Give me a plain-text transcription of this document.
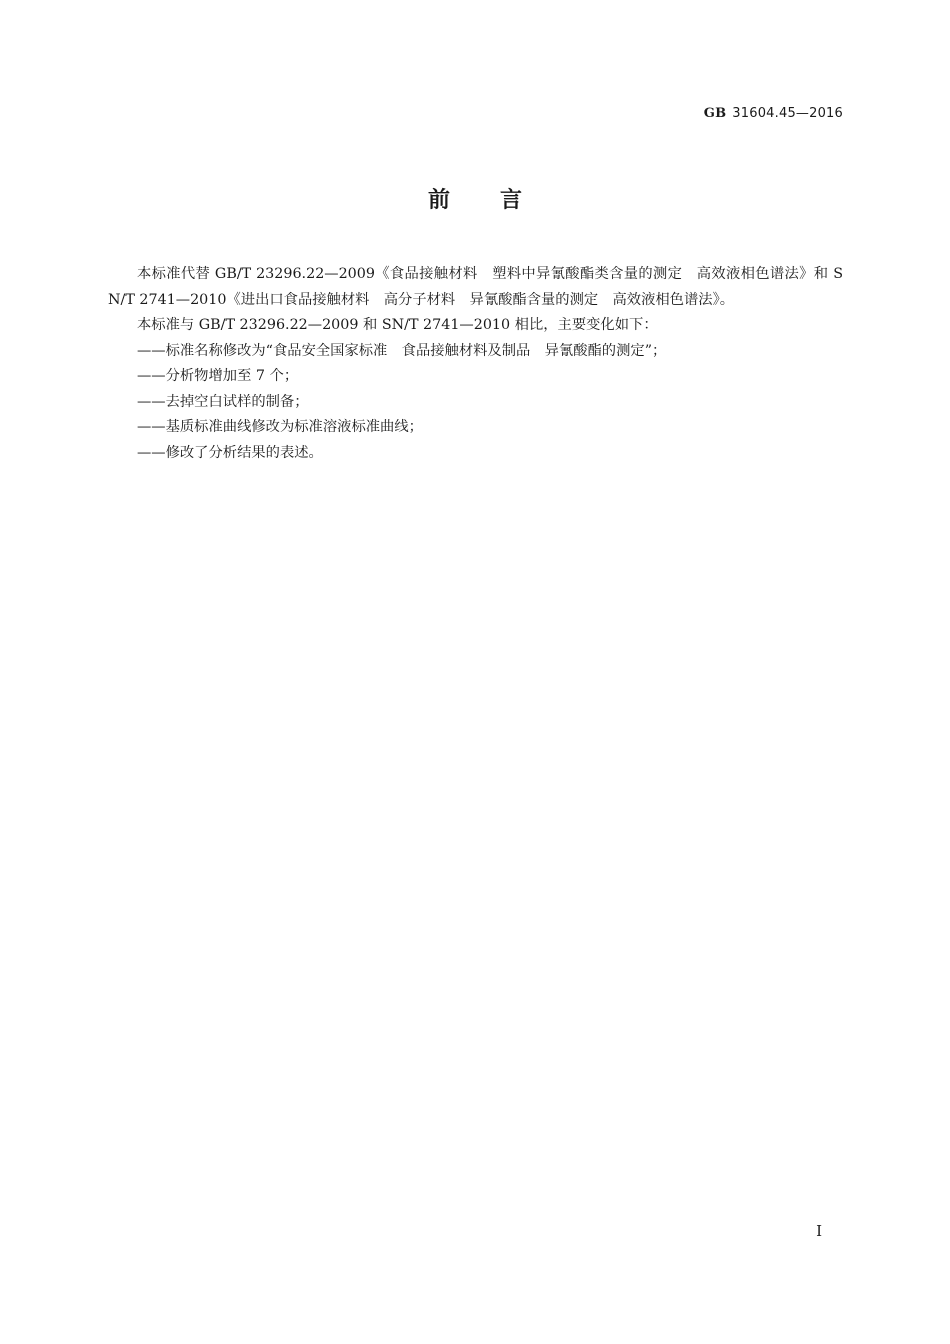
GB 31604.45—2016
前 言

本标准代替 GB/T 23296.22—2009《食品接触材料　塑料中异氰酸酯类含量的测定　高效液相色谱法》和 SN/T 2741—2010《进出口食品接触材料　高分子材料　异氰酸酯含量的测定　高效液相色谱法》。

本标准与 GB/T 23296.22—2009 和 SN/T 2741—2010 相比，主要变化如下：

——标准名称修改为“食品安全国家标准　食品接触材料及制品　异氰酸酯的测定”；

——分析物增加至 7 个；

——去掉空白试样的制备；

——基质标准曲线修改为标准溶液标准曲线；

——修改了分析结果的表述。

I
